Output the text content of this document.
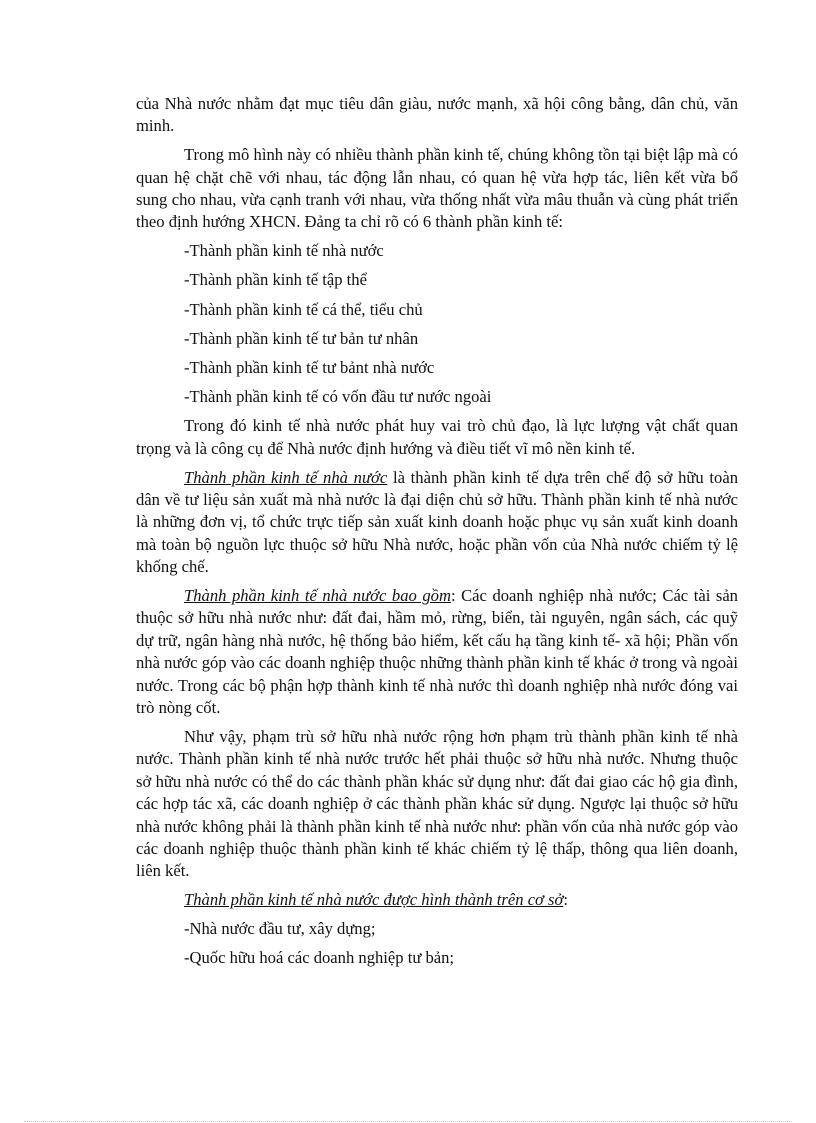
của Nhà nước nhằm đạt mục tiêu dân giàu, nước mạnh, xã hội công bằng, dân chủ, văn minh.

Trong mô hình này có nhiều thành phần kinh tế, chúng không tồn tại biệt lập mà có quan hệ chặt chẽ với nhau, tác động lẫn nhau, có quan hệ vừa hợp tác, liên kết vừa bổ sung cho nhau, vừa cạnh tranh với nhau, vừa thống nhất vừa mâu thuẫn và cùng phát triển theo định hướng XHCN. Đảng ta chỉ rõ có 6 thành phần kinh tế:

-Thành phần kinh tế nhà nước
-Thành phần kinh tế tập thể
-Thành phần kinh tế cá thể, tiểu chủ
-Thành phần kinh tế tư bản tư nhân
-Thành phần kinh tế tư bảnt nhà nước
-Thành phần kinh tế có vốn đầu tư nước ngoài

Trong đó kinh tế nhà nước phát huy vai trò chủ đạo, là lực lượng vật chất quan trọng và là công cụ để Nhà nước định hướng và điều tiết vĩ mô nền kinh tế.

Thành phần kinh tế nhà nước là thành phần kinh tế dựa trên chế độ sở hữu toàn dân về tư liệu sản xuất mà nhà nước là đại diện chủ sở hữu. Thành phần kinh tế nhà nước là những đơn vị, tổ chức trực tiếp sản xuất kinh doanh hoặc phục vụ sản xuất kinh doanh mà toàn bộ nguồn lực thuộc sở hữu Nhà nước, hoặc phần vốn của Nhà nước chiếm tỷ lệ khống chế.

Thành phần kinh tế nhà nước bao gồm: Các doanh nghiệp nhà nước; Các tài sản thuộc sở hữu nhà nước như: đất đai, hầm mỏ, rừng, biển, tài nguyên, ngân sách, các quỹ dự trữ, ngân hàng nhà nước, hệ thống bảo hiểm, kết cấu hạ tầng kinh tế- xã hội; Phần vốn nhà nước góp vào các doanh nghiệp thuộc những thành phần kinh tế khác ở trong và ngoài nước. Trong các bộ phận hợp thành kinh tế nhà nước thì doanh nghiệp nhà nước đóng vai trò nòng cốt.

Như vậy, phạm trù sở hữu nhà nước rộng hơn phạm trù thành phần kinh tế nhà nước. Thành phần kinh tế nhà nước trước hết phải thuộc sở hữu nhà nước. Nhưng thuộc sở hữu nhà nước có thể do các thành phần khác sử dụng như: đất đai giao các hộ gia đình, các hợp tác xã, các doanh nghiệp ở các thành phần khác sử dụng. Ngược lại thuộc sở hữu nhà nước không phải là thành phần kinh tế nhà nước như: phần vốn của nhà nước góp vào các doanh nghiệp thuộc thành phần kinh tế khác chiếm tỷ lệ thấp, thông qua liên doanh, liên kết.

Thành phần kinh tế nhà nước được hình thành trên cơ sở:

-Nhà nước đầu tư, xây dựng;
-Quốc hữu hoá các doanh nghiệp tư bản;
